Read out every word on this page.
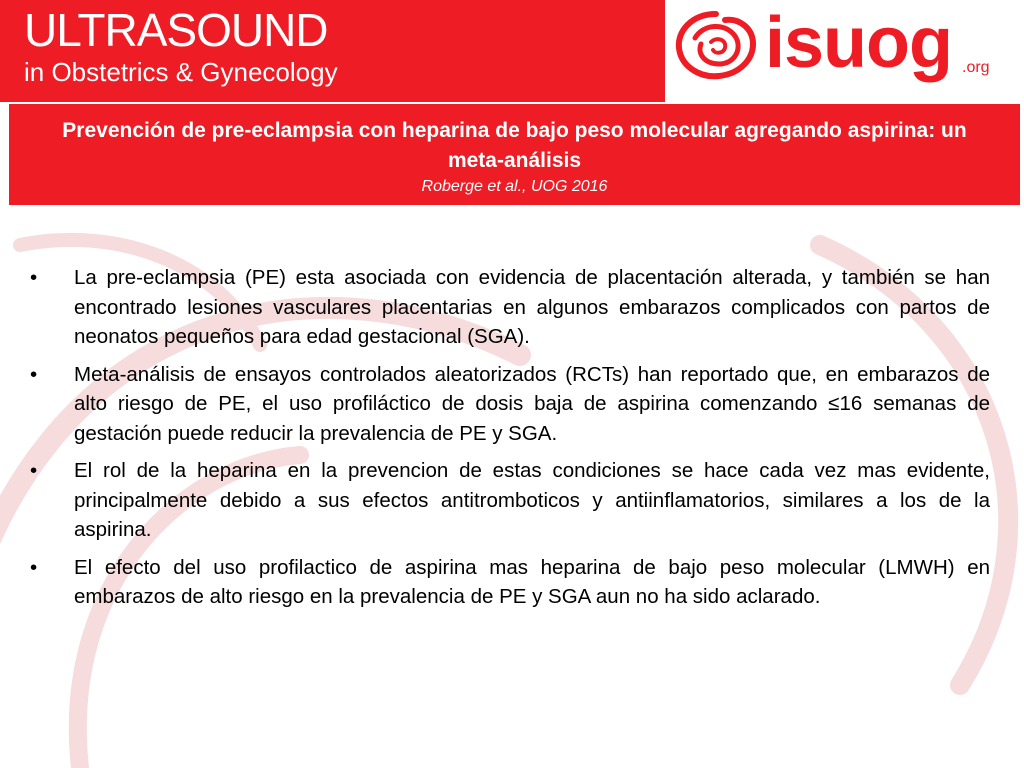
ULTRASOUND
in Obstetrics & Gynecology	isuog .org
Prevención de pre-eclampsia con heparina de bajo peso molecular agregando aspirina: un meta-análisis
Roberge et al., UOG 2016
• La pre-eclampsia (PE) esta asociada con evidencia de placentación alterada, y también se han encontrado lesiones vasculares placentarias en algunos embarazos complicados con partos de neonatos pequeños para edad gestacional (SGA).
• Meta-análisis de ensayos controlados aleatorizados (RCTs) han reportado que, en embarazos de alto riesgo de PE, el uso profiláctico de dosis baja de aspirina comenzando ≤16 semanas de gestación puede reducir la prevalencia de PE y SGA.
• El rol de la heparina en la prevencion de estas condiciones se hace cada vez mas evidente, principalmente debido a sus efectos antitromboticos y antiinflamatorios, similares a los de la aspirina.
• El efecto del uso profilactico de aspirina mas heparina de bajo peso molecular (LMWH) en embarazos de alto riesgo en la prevalencia de PE y SGA aun no ha sido aclarado.
